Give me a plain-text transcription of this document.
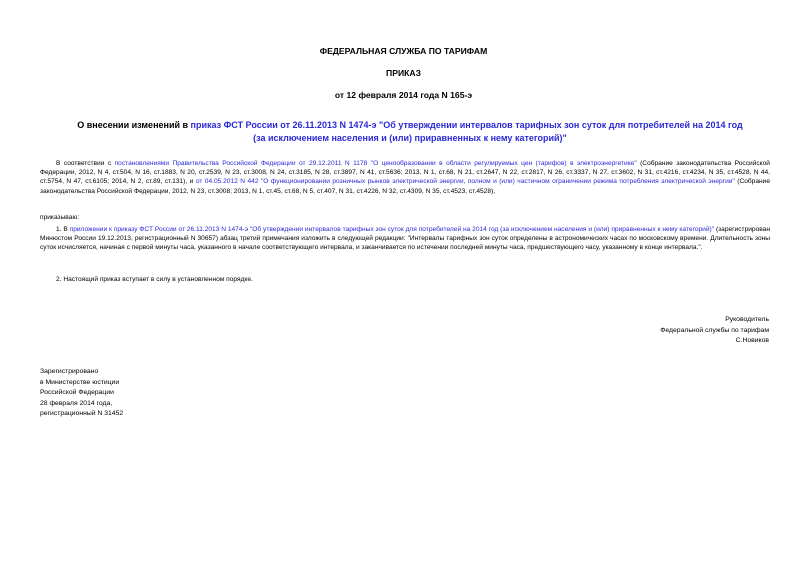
ФЕДЕРАЛЬНАЯ СЛУЖБА ПО ТАРИФАМ
ПРИКАЗ
от 12 февраля 2014 года N 165-э
О внесении изменений в приказ ФСТ России от 26.11.2013 N 1474-э "Об утверждении интервалов тарифных зон суток для потребителей на 2014 год (за исключением населения и (или) приравненных к нему категорий)"
В соответствии с постановлениями Правительства Российской Федерации от 29.12.2011 N 1178 "О ценообразовании в области регулируемых цен (тарифов) в электроэнергетике" (Собрание законодательства Российской Федерации, 2012, N 4, ст.504, N 16, ст.1883, N 20, ст.2539, N 23, ст.3008, N 24, ст.3185, N 28, ст.3897, N 41, ст.5636; 2013, N 1, ст.68, N 21, ст.2647, N 22, ст.2817, N 26, ст.3337, N 27, ст.3602, N 31, ст.4216, ст.4234, N 35, ст.4528, N 44, ст.5754, N 47, ст.6105; 2014, N 2, ст.89, ст.131), и от 04.05.2012 N 442 "О функционировании розничных рынков электрической энергии, полном и (или) частичном ограничении режима потребления электрической энергии" (Собрание законодательства Российской Федерации, 2012, N 23, ст.3008; 2013, N 1, ст.45, ст.68, N 5, ст.407, N 31, ст.4226, N 32, ст.4309, N 35, ст.4523, ст.4528),
приказываю:
1. В приложении к приказу ФСТ России от 26.11.2013 N 1474-э "Об утверждении интервалов тарифных зон суток для потребителей на 2014 год (за исключением населения и (или) приравненных к нему категорий)" (зарегистрирован Минюстом России 19.12.2013, регистрационный N 30657) абзац третий примечания изложить в следующей редакции: "Интервалы тарифных зон суток определены в астрономических часах по московскому времени. Длительность зоны суток исчисляется, начиная с первой минуты часа, указанного в начале соответствующего интервала, и заканчивается по истечении последней минуты часа, предшествующего часу, указанному в конце интервала.".
2. Настоящий приказ вступает в силу в установленном порядке.
Руководитель
Федеральной службы по тарифам
С.Новиков
Зарегистрировано
в Министерстве юстиции
Российской Федерации
28 февраля 2014 года,
регистрационный N 31452
